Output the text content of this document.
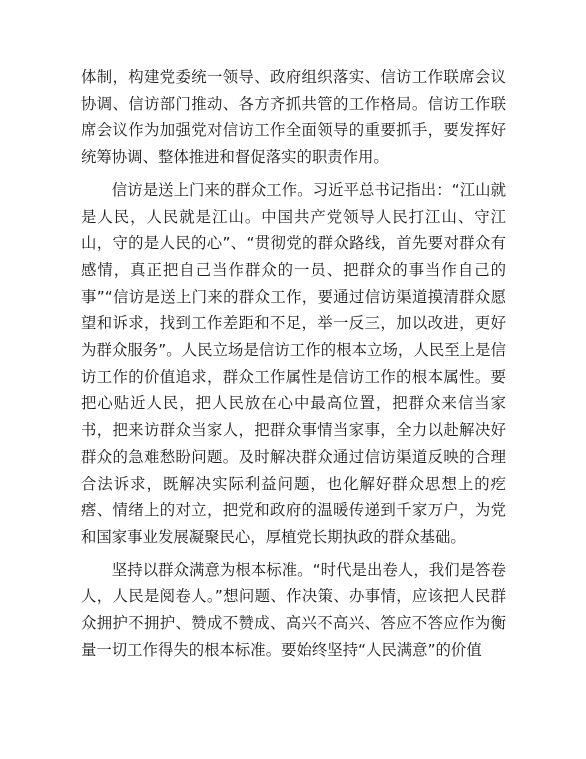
体制，构建党委统一领导、政府组织落实、信访工作联席会议协调、信访部门推动、各方齐抓共管的工作格局。信访工作联席会议作为加强党对信访工作全面领导的重要抓手，要发挥好统筹协调、整体推进和督促落实的职责作用。

信访是送上门来的群众工作。习近平总书记指出：“江山就是人民，人民就是江山。中国共产党领导人民打江山、守江山，守的是人民的心”、“贯彻党的群众路线，首先要对群众有感情，真正把自己当作群众的一员、把群众的事当作自己的事”“信访是送上门来的群众工作，要通过信访渠道摸清群众愿望和诉求，找到工作差距和不足，举一反三，加以改进，更好为群众服务”。人民立场是信访工作的根本立场，人民至上是信访工作的价值追求，群众工作属性是信访工作的根本属性。要把心贴近人民，把人民放在心中最高位置，把群众来信当家书，把来访群众当家人，把群众事情当家事，全力以赴解决好群众的急难愁盼问题。及时解决群众通过信访渠道反映的合理合法诉求，既解决实际利益问题，也化解好群众思想上的疙瘩、情绪上的对立，把党和政府的温暖传递到千家万户，为党和国家事业发展凝聚民心，厚植党长期执政的群众基础。

坚持以群众满意为根本标准。“时代是出卷人，我们是答卷人，人民是阅卷人。”想问题、作决策、办事情，应该把人民群众拥护不拥护、赞成不赞成、高兴不高兴、答应不答应作为衡量一切工作得失的根本标准。要始终坚持“人民满意”的价值
